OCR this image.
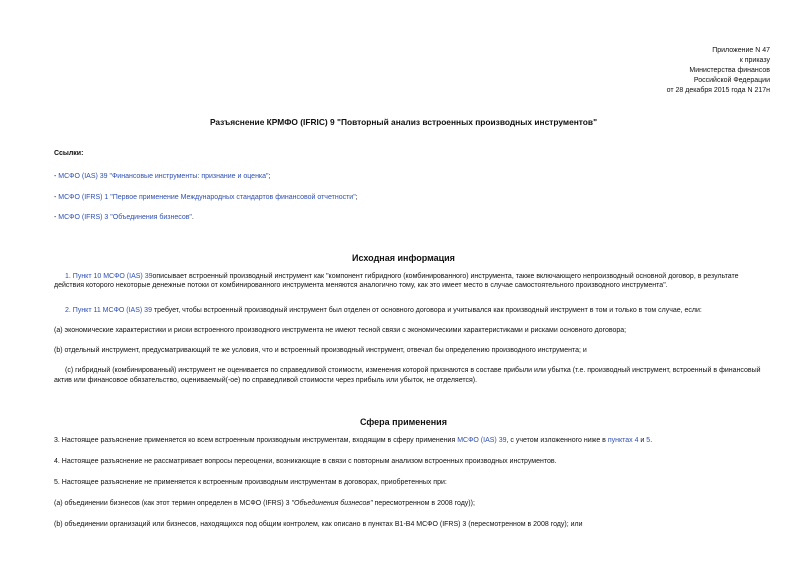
Приложение N 47
к приказу
Министерства финансов
Российской Федерации
от 28 декабря 2015 года N 217н
Разъяснение КРМФО (IFRIC) 9 "Повторный анализ встроенных производных инструментов"
Ссылки:
- МСФО (IAS) 39 "Финансовые инструменты: признание и оценка";
- МСФО (IFRS) 1 "Первое применение Международных стандартов финансовой отчетности";
- МСФО (IFRS) 3 "Объединения бизнесов".
Исходная информация
1. Пункт 10 МСФО (IAS) 39описывает встроенный производный инструмент как "компонент гибридного (комбинированного) инструмента, также включающего непроизводный основной договор, в результате
действия которого некоторые денежные потоки от комбинированного инструмента меняются аналогично тому, как это имеет место в случае самостоятельного производного инструмента".
2. Пункт 11 МСФО (IAS) 39 требует, чтобы встроенный производный инструмент был отделен от основного договора и учитывался как производный инструмент в том и только в том случае, если:
(a) экономические характеристики и риски встроенного производного инструмента не имеют тесной связи с экономическими характеристиками и рисками основного договора;
(b) отдельный инструмент, предусматривающий те же условия, что и встроенный производный инструмент, отвечал бы определению производного инструмента; и
(c) гибридный (комбинированный) инструмент не оценивается по справедливой стоимости, изменения которой признаются в составе прибыли или убытка (т.е. производный инструмент, встроенный в финансовый
актив или финансовое обязательство, оцениваемый(-ое) по справедливой стоимости через прибыль или убыток, не отделяется).
Сфера применения
3. Настоящее разъяснение применяется ко всем встроенным производным инструментам, входящим в сферу применения МСФО (IAS) 39, с учетом изложенного ниже в пунктах 4 и 5.
4. Настоящее разъяснение не рассматривает вопросы переоценки, возникающие в связи с повторным анализом встроенных производных инструментов.
5. Настоящее разъяснение не применяется к встроенным производным инструментам в договорах, приобретенных при:
(a) объединении бизнесов (как этот термин определен в МСФО (IFRS) 3 "Объединения бизнесов" пересмотренном в 2008 году));
(b) объединении организаций или бизнесов, находящихся под общим контролем, как описано в пунктах B1-B4 МСФО (IFRS) 3 (пересмотренном в 2008 году); или
